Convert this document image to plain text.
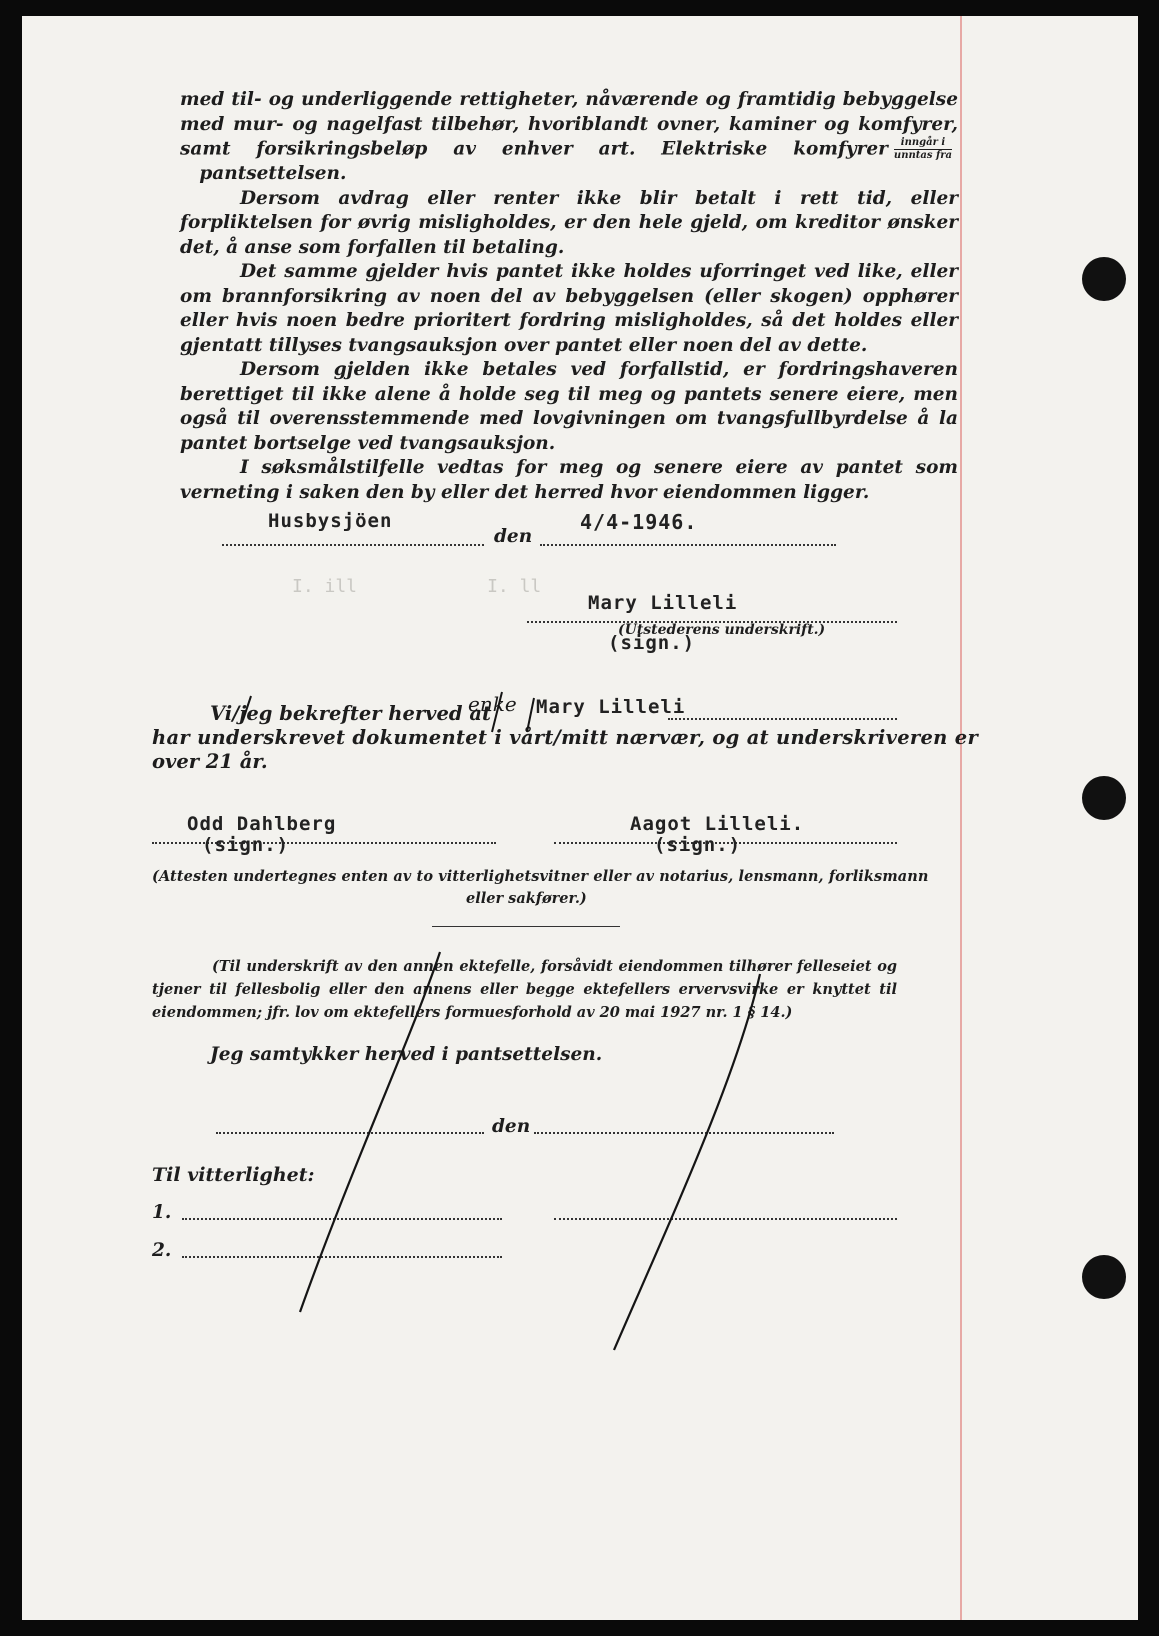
I. ill            I. ll

med til- og underliggende rettigheter, nåværende og framtidig bebyggelse med mur- og nagelfast tilbehør, hvoriblandt ovner, kaminer og komfyrer, samt forsikringsbeløp av enhver art. Elektriske komfyrer $\frac{\text{inngår i}}{\text{unntas fra}}$
pantsettelsen.

Dersom avdrag eller renter ikke blir betalt i rett tid, eller forpliktelsen for øvrig misligholdes, er den hele gjeld, om kreditor ønsker det, å anse som forfallen til betaling.

Det samme gjelder hvis pantet ikke holdes uforringet ved like, eller om brannforsikring av noen del av bebyggelsen (eller skogen) opphører eller hvis noen bedre prioritert fordring misligholdes, så det holdes eller gjentatt tillyses tvangsauksjon over pantet eller noen del av dette.

Dersom gjelden ikke betales ved forfallstid, er fordringshaveren berettiget til ikke alene å holde seg til meg og pantets senere eiere, men også til overensstemmende med lovgivningen om tvangsfullbyrdelse å la pantet bortselge ved tvangsauksjon.

I søksmålstilfelle vedtas for meg og senere eiere av pantet som verneting i saken den by eller det herred hvor eiendommen ligger.

Husbysjöen
den
4/4-1946.
Mary Lilleli
(Utstederens underskrift.)
(sign.)
Vi/jeg bekrefter herved at
enke Mary Lilleli
har underskrevet dokumentet i vårt/mitt nærvær, og at underskriveren er
over 21 år.
Odd Dahlberg
(sign.)
Aagot Lilleli.
(sign.)
(Attesten undertegnes enten av to vitterlighetsvitner eller av notarius, lensmann, forliksmann
eller sakfører.)

(Til underskrift av den annen ektefelle, forsåvidt eiendommen tilhører felleseiet og tjener til fellesbolig eller den annens eller begge ektefellers ervervsvirke er knyttet til eiendommen; jfr. lov om ektefellers formuesforhold av 20 mai 1927 nr. 1 § 14.)

Jeg samtykker herved i pantsettelsen.
den
Til vitterlighet:
1.
2.
